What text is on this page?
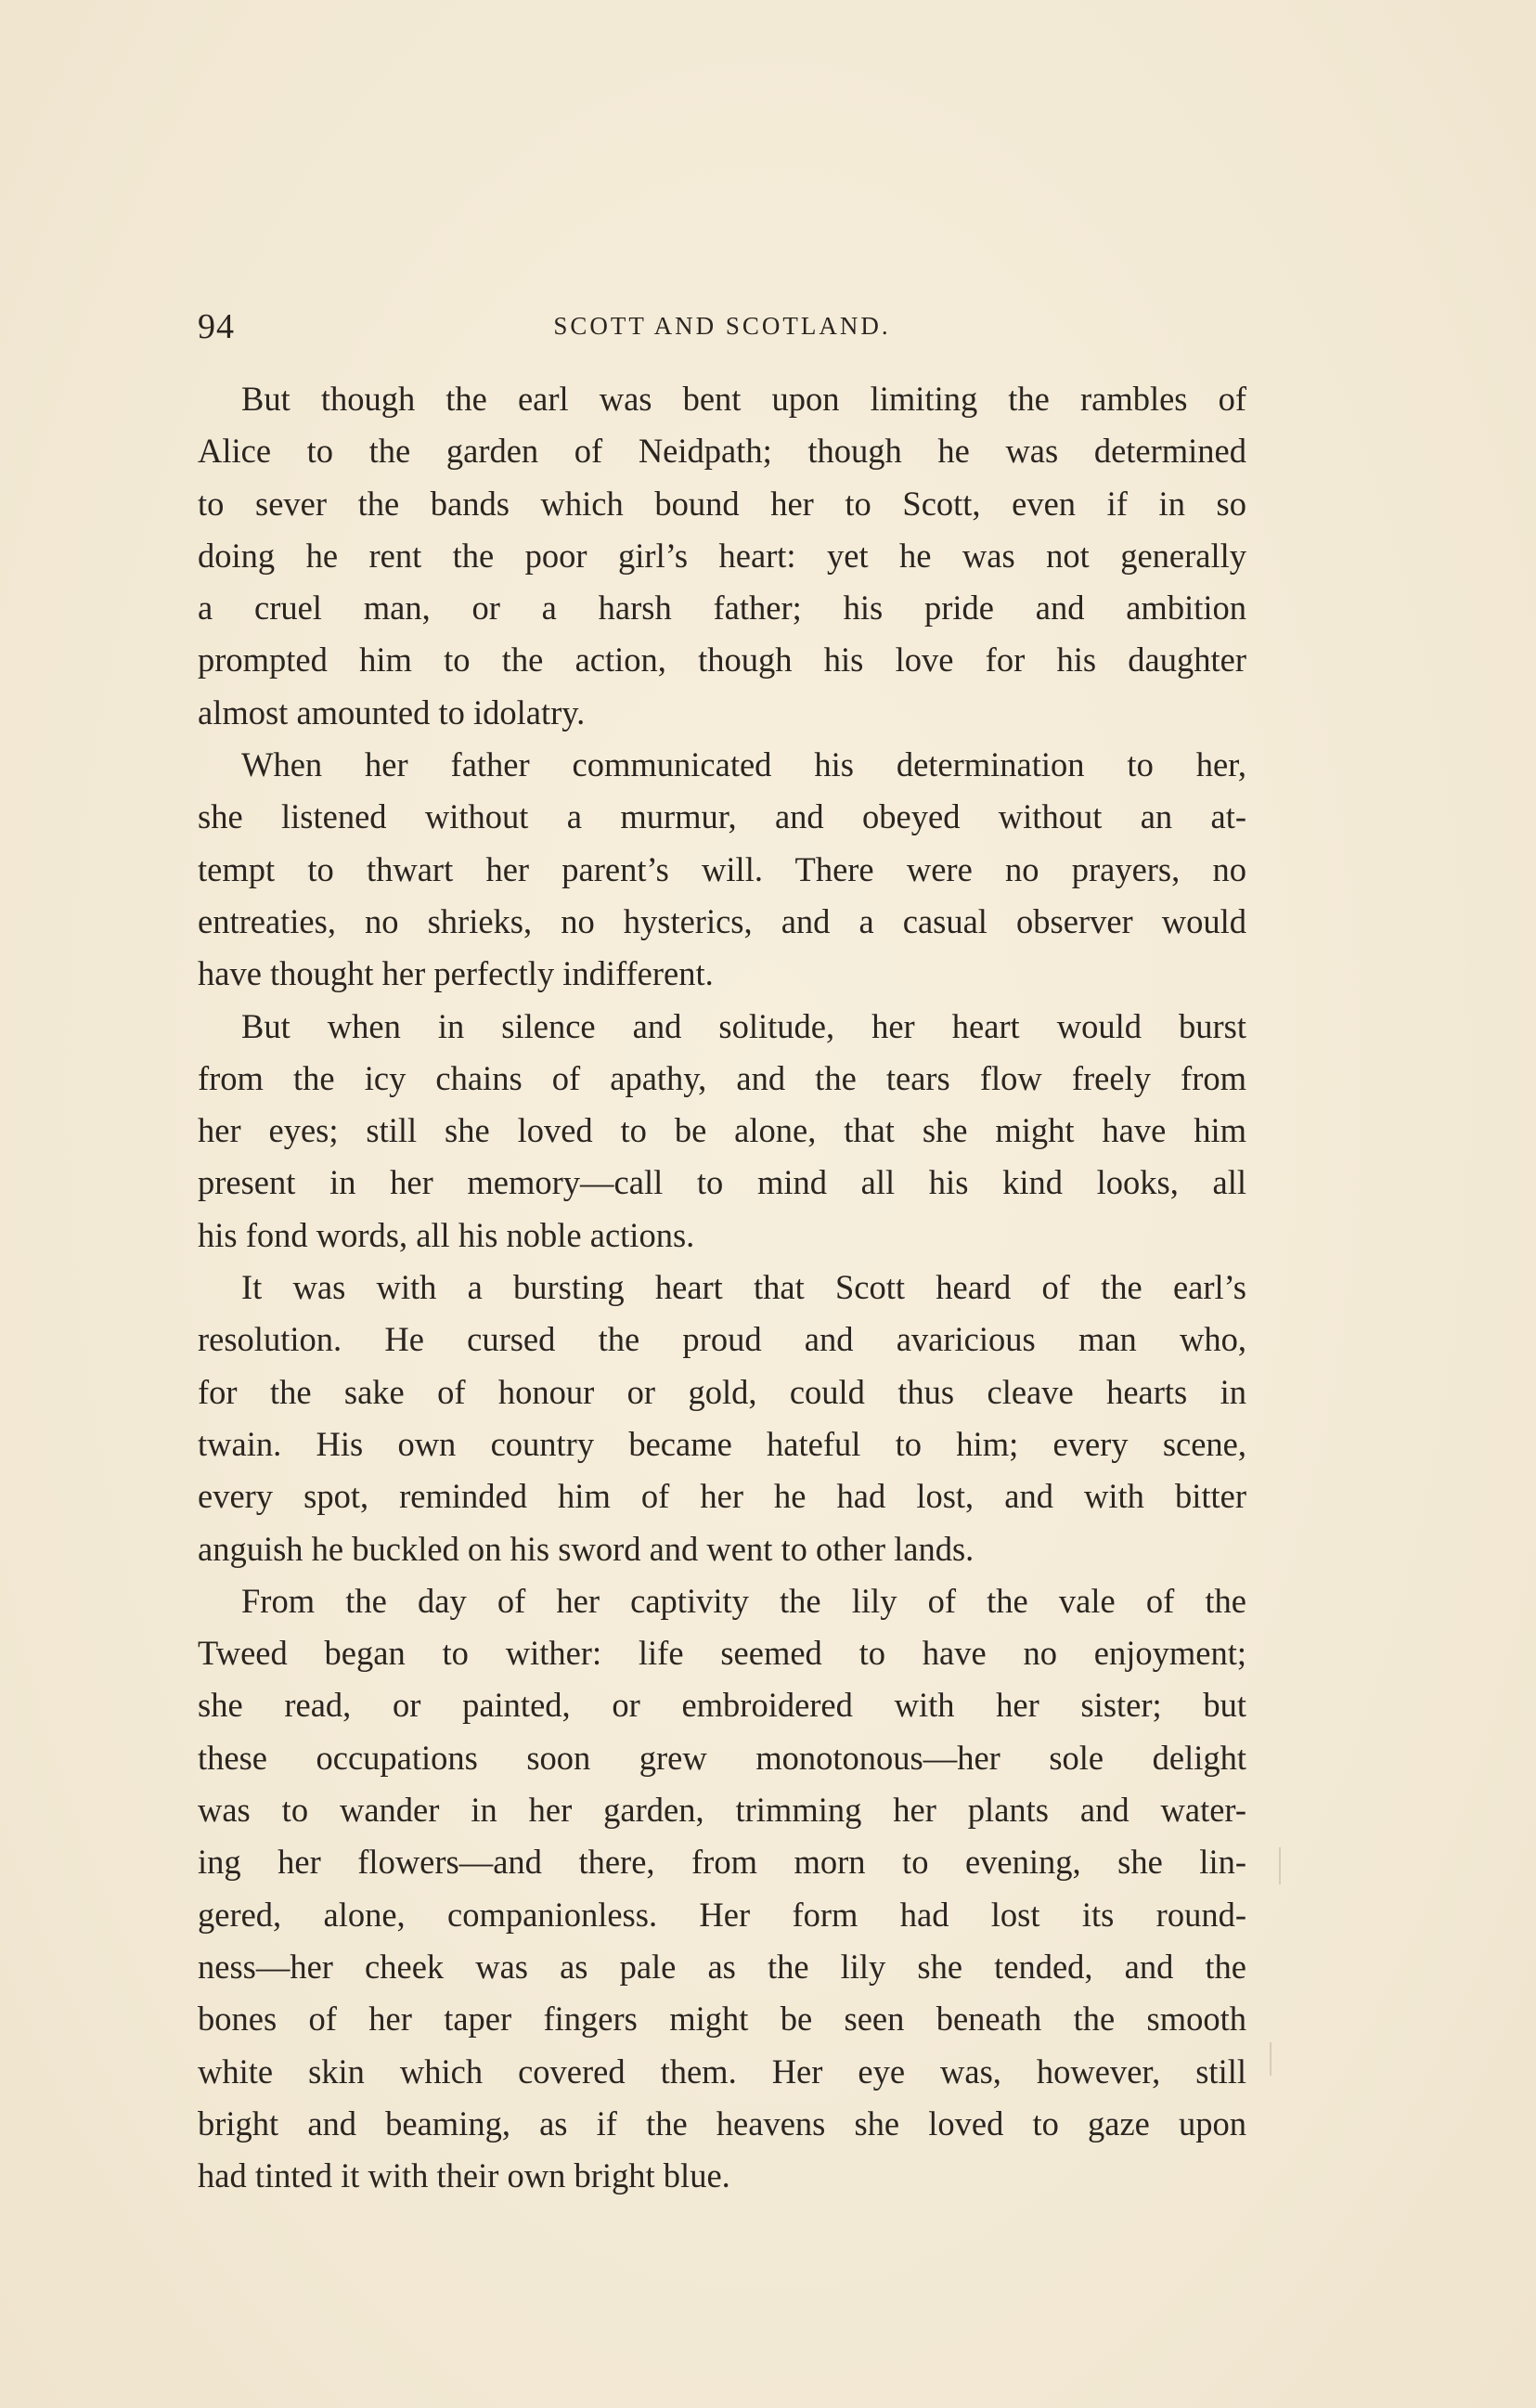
94	SCOTT AND SCOTLAND.
But though the earl was bent upon limiting the rambles of
Alice to the garden of Neidpath; though he was determined
to sever the bands which bound her to Scott, even if in so
doing he rent the poor girl’s heart: yet he was not generally
a cruel man, or a harsh father; his pride and ambition
prompted him to the action, though his love for his daughter
almost amounted to idolatry.
When her father communicated his determination to her,
she listened without a murmur, and obeyed without an at-
tempt to thwart her parent’s will. There were no prayers, no
entreaties, no shrieks, no hysterics, and a casual observer would
have thought her perfectly indifferent.
But when in silence and solitude, her heart would burst
from the icy chains of apathy, and the tears flow freely from
her eyes; still she loved to be alone, that she might have him
present in her memory—call to mind all his kind looks, all
his fond words, all his noble actions.
It was with a bursting heart that Scott heard of the earl’s
resolution. He cursed the proud and avaricious man who,
for the sake of honour or gold, could thus cleave hearts in
twain. His own country became hateful to him; every scene,
every spot, reminded him of her he had lost, and with bitter
anguish he buckled on his sword and went to other lands.
From the day of her captivity the lily of the vale of the
Tweed began to wither: life seemed to have no enjoyment;
she read, or painted, or embroidered with her sister; but
these occupations soon grew monotonous—her sole delight
was to wander in her garden, trimming her plants and water-
ing her flowers—and there, from morn to evening, she lin-
gered, alone, companionless. Her form had lost its round-
ness—her cheek was as pale as the lily she tended, and the
bones of her taper fingers might be seen beneath the smooth
white skin which covered them. Her eye was, however, still
bright and beaming, as if the heavens she loved to gaze upon
had tinted it with their own bright blue.
